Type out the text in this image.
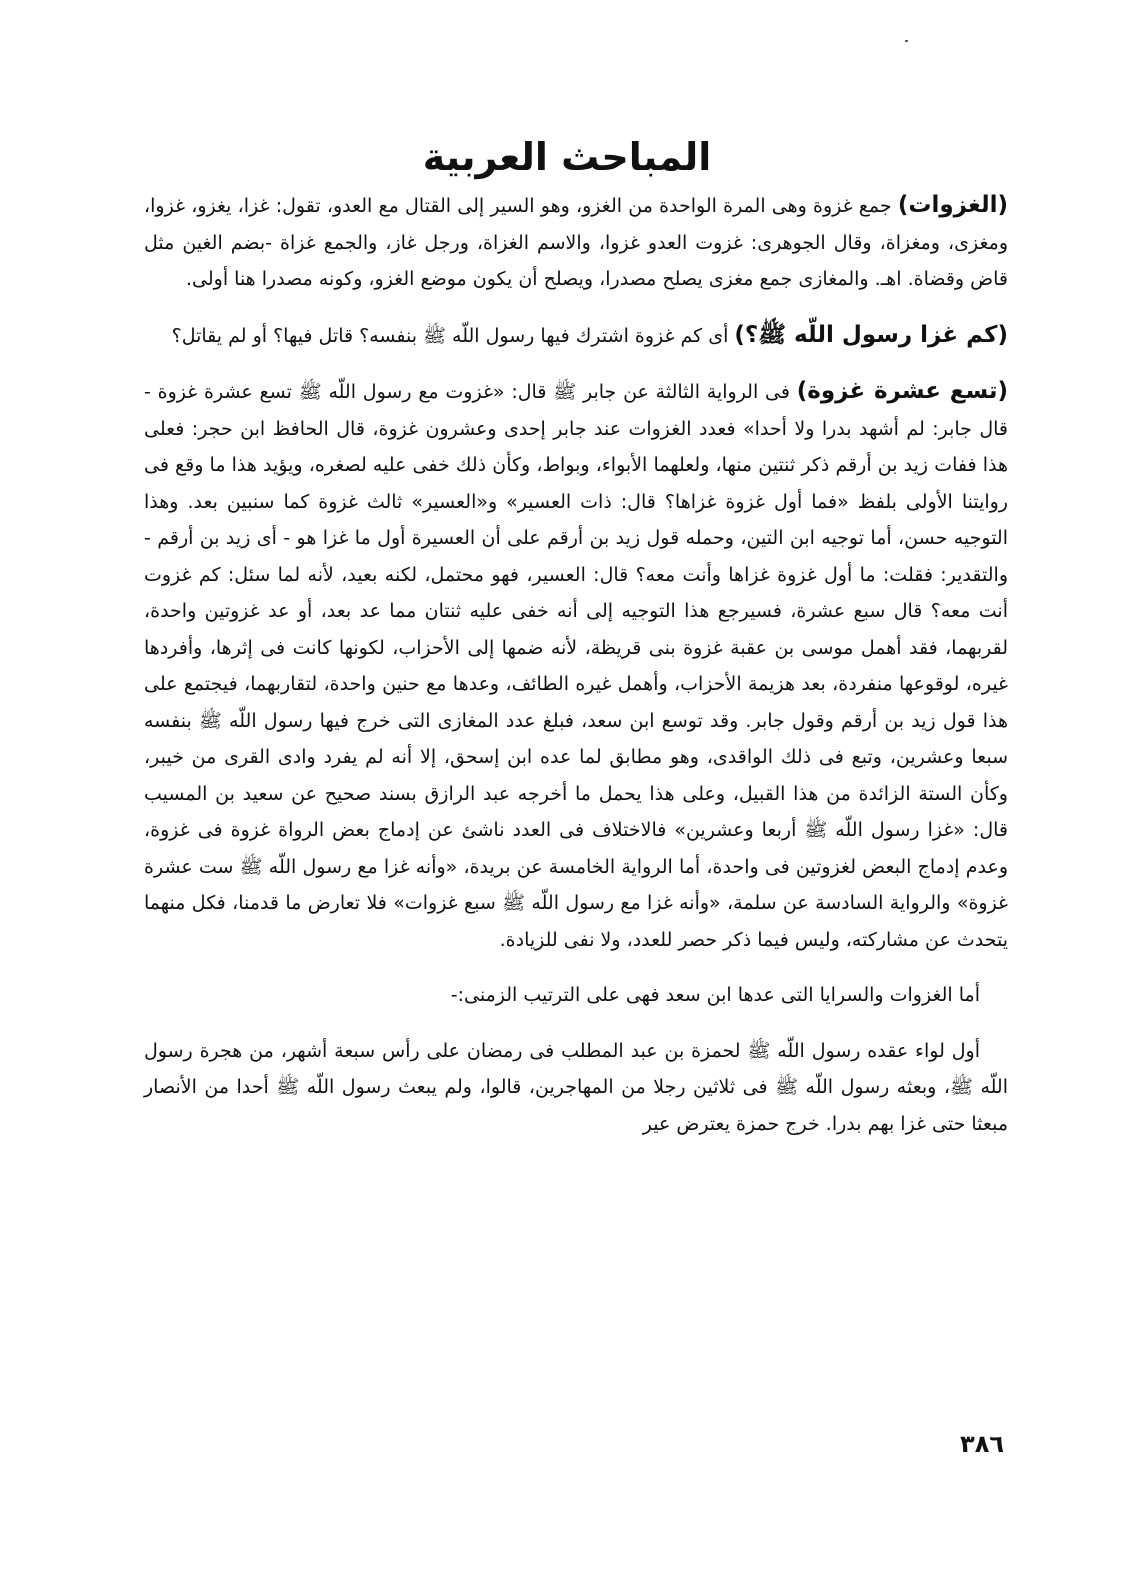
المباحث العربية

(الغزوات) جمع غزوة وهى المرة الواحدة من الغزو، وهو السير إلى القتال مع العدو، تقول: غزا، يغزو، غزوا، ومغزى، ومغزاة، وقال الجوهرى: غزوت العدو غزوا، والاسم الغزاة، ورجل غاز، والجمع غزاة -بضم الغين مثل قاض وقضاة. اهـ. والمغازى جمع مغزى يصلح مصدرا، ويصلح أن يكون موضع الغزو، وكونه مصدرا هنا أولى.

(كم غزا رسول اللّه ﷺ؟) أى كم غزوة اشترك فيها رسول اللّه ﷺ بنفسه؟ قاتل فيها؟ أو لم يقاتل؟

(تسع عشرة غزوة) فى الرواية الثالثة عن جابر ﷺ قال: «غزوت مع رسول اللّه ﷺ تسع عشرة غزوة - قال جابر: لم أشهد بدرا ولا أحدا» فعدد الغزوات عند جابر إحدى وعشرون غزوة، قال الحافظ ابن حجر: فعلى هذا ففات زيد بن أرقم ذكر ثنتين منها، ولعلهما الأبواء، وبواط، وكأن ذلك خفى عليه لصغره، ويؤيد هذا ما وقع فى روايتنا الأولى بلفظ «فما أول غزوة غزاها؟ قال: ذات العسير» و«العسير» ثالث غزوة كما سنبين بعد. وهذا التوجيه حسن، أما توجيه ابن التين، وحمله قول زيد بن أرقم على أن العسيرة أول ما غزا هو - أى زيد بن أرقم - والتقدير: فقلت: ما أول غزوة غزاها وأنت معه؟ قال: العسير، فهو محتمل، لكنه بعيد، لأنه لما سئل: كم غزوت أنت معه؟ قال سبع عشرة، فسيرجع هذا التوجيه إلى أنه خفى عليه ثنتان مما عد بعد، أو عد غزوتين واحدة، لقربهما، فقد أهمل موسى بن عقبة غزوة بنى قريظة، لأنه ضمها إلى الأحزاب، لكونها كانت فى إثرها، وأفردها غيره، لوقوعها منفردة، بعد هزيمة الأحزاب، وأهمل غيره الطائف، وعدها مع حنين واحدة، لتقاربهما، فيجتمع على هذا قول زيد بن أرقم وقول جابر. وقد توسع ابن سعد، فبلغ عدد المغازى التى خرج فيها رسول اللّه ﷺ بنفسه سبعا وعشرين، وتبع فى ذلك الواقدى، وهو مطابق لما عده ابن إسحق، إلا أنه لم يفرد وادى القرى من خيبر، وكأن الستة الزائدة من هذا القبيل، وعلى هذا يحمل ما أخرجه عبد الرازق بسند صحيح عن سعيد بن المسيب قال: «غزا رسول اللّه ﷺ أربعا وعشرين» فالاختلاف فى العدد ناشئ عن إدماج بعض الرواة غزوة فى غزوة، وعدم إدماج البعض لغزوتين فى واحدة، أما الرواية الخامسة عن بريدة، «وأنه غزا مع رسول اللّه ﷺ ست عشرة غزوة» والرواية السادسة عن سلمة، «وأنه غزا مع رسول اللّه ﷺ سبع غزوات» فلا تعارض ما قدمنا، فكل منهما يتحدث عن مشاركته، وليس فيما ذكر حصر للعدد، ولا نفى للزيادة.

أما الغزوات والسرايا التى عدها ابن سعد فهى على الترتيب الزمنى:-

أول لواء عقده رسول اللّه ﷺ لحمزة بن عبد المطلب فى رمضان على رأس سبعة أشهر، من هجرة رسول اللّه ﷺ، وبعثه رسول اللّه ﷺ فى ثلاثين رجلا من المهاجرين، قالوا، ولم يبعث رسول اللّه ﷺ أحدا من الأنصار مبعثا حتى غزا بهم بدرا. خرج حمزة يعترض عير

٣٨٦
